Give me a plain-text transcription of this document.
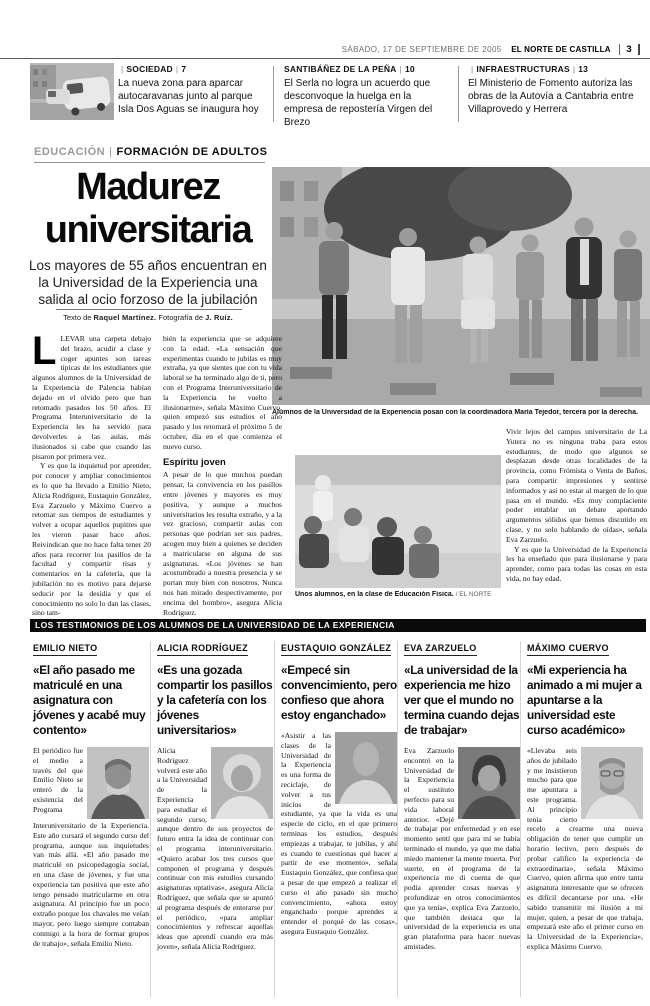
SÁBADO, 17 DE SEPTIEMBRE DE 2005 EL NORTE DE CASTILLA 3
| SOCIEDAD | 7
La nueva zona para aparcar autocaravanas junto al parque Isla Dos Aguas se inaugura hoy
SANTIBÁÑEZ DE LA PEÑA | 10
El Serla no logra un acuerdo que desconvoque la huelga en la empresa de repostería Virgen del Brezo
| INFRAESTRUCTURAS | 13
El Ministerio de Fomento autoriza las obras de la Autovía a Cantabria entre Villaprovedo y Herrera
EDUCACIÓN | FORMACIÓN DE ADULTOS
Madurez universitaria
Los mayores de 55 años encuentran en la Universidad de la Experiencia una salida al ocio forzoso de la jubilación
Texto de Raquel Martínez. Fotografía de J. Ruiz.
Alumnos de la Universidad de la Experiencia posan con la coordinadora María Tejedor, tercera por la derecha.

LLEVAR una carpeta debajo del brazo, acudir a clase y coger apuntes son tareas típicas de los estudiantes que algunos alumnos de la Universidad de la Experiencia de Palencia habían dejado en el olvido pero que han retomado pasados los 50 años. El Programa Interuniversitario de la Experiencia les ha servido para devolverles a las aulas, más ilusionados si cabe que cuando las pisaron por primera vez.

Y es que la inquietud por aprender, por conocer y ampliar conocimientos es lo que ha llevado a Emilio Nieto, Alicia Rodríguez, Eustaquio González, Eva Zarzuelo y Máximo Cuervo a retomar sus tiempos de estudiantes y volver a ocupar aquellos pupitres que les vieron pasar hace años. Reivindican que no hace falta tener 20 años para recorrer los pasillos de la facultad y compartir risas y comentarios en la cafetería, que la jubilación no es motivo para dejarse seducir por la desidia y que el conocimiento no solo lo dan las clases, sino tam-

bién la experiencia que se adquiere con la edad. «La sensación que experimentas cuando te jubilas es muy extraña, ya que sientes que con tu vida laboral se ha terminado algo de ti, pero con el Programa Interuniversitario de la Experiencia he vuelto a ilusionarme», señala Máximo Cuervo, quien empezó sus estudios el año pasado y los retomará el próximo 5 de octubre, día en el que comienza el nuevo curso.

Espíritu joven

A pesar de lo que muchos puedan pensar, la convivencia en los pasillos entre jóvenes y mayores es muy positiva, y aunque a muchos universitarios les resulta extraño, y a la vez gracioso, compartir aulas con personas que podrían ser sus padres, acogen muy bien a quienes se deciden a matricularse en alguna de sus asignaturas. «Los jóvenes se han acostumbrado a nuestra presencia y se portan muy bien con nosotros. Nunca nos han mirado despectivamente, por encima del hombro», asegura Alicia Rodríguez.

Vivir lejos del campus universitario de La Yutera no es ninguna traba para estos estudiantes, de modo que algunos se desplazan desde otras localidades de la provincia, como Frómista o Venta de Baños, para compartir impresiones y sentirse informados y así no estar al margen de lo que pasa en el mundo. «Es muy complaciente poder entablar un debate aportando argumentos sólidos que hemos discutido en clase, y no solo hablando de oídas», señala Eva Zarzuelo.

Y es que la Universidad de la Experiencia les ha enseñado que para ilusionarse y para aprender, como para todas las cosas en esta vida, no hay edad.

Unos alumnos, en la clase de Educación Física. / EL NORTE
LOS TESTIMONIOS DE LOS ALUMNOS DE LA UNIVERSIDAD DE LA EXPERIENCIA
EMILIO NIETO
«El año pasado me matriculé en una asignatura con jóvenes y acabé muy contento»
El periódico fue el medio a través del que Emilio Nieto se enteró de la existencia del Programa Interuniversitario de la Experiencia. Este año cursará el segundo curso del programa, aunque sus inquietudes van más allá. «El año pasado me matriculé en psicopedagogía social, en una clase de jóvenes, y fue una experiencia tan positiva que este año tengo pensado matricularme en otra asignatura. Al principio fue un poco extraño porque los chavales me veían mayor, pero luego siempre contaban conmigo a la hora de formar grupos de trabajo», señala Emilio Nieto.
ALICIA RODRÍGUEZ
«Es una gozada compartir los pasillos y la cafetería con los jóvenes universitarios»
Alicia Rodríguez volverá este año a la Universidad de la Experiencia para estudiar el segundo curso, aunque dentro de sus proyectos de futuro entra la idea de continuar con el programa interuniversitario. «Quiero acabar los tres cursos que componen el programa y después continuar con mis estudios cursando asignaturas optativas», asegura Alicia Rodríguez, que señala que se apuntó al programa después de enterarse por el periódico, «para ampliar conocimientos y refrescar aquellas ideas que aprendí cuando era más joven», señala Alicia Rodríguez.
EUSTAQUIO GONZÁLEZ
«Empecé sin convencimiento, pero confieso que ahora estoy enganchado»
«Asistir a las clases de la Universidad de la Experiencia es una forma de reciclaje, de volver a tus inicios de estudiante, ya que la vida es una especie de ciclo, en el que primero terminas los estudios, después empiezas a trabajar, te jubilas, y ahí es cuando te cuestionas qué hacer a partir de ese momento», señala Eustaquio González, que confiesa que a pesar de que empezó a realizar el curso el año pasado sin mucho convencimiento, «ahora estoy enganchado porque aprendes a entender el porqué de las cosas», asegura Eustaquio González.
EVA ZARZUELO
«La universidad de la experiencia me hizo ver que el mundo no termina cuando dejas de trabajar»
Eva Zarzuelo encontró en la Universidad de la Experiencia el sustituto perfecto para su vida laboral anterior. «Dejé de trabajar por enfermedad y en ese momento sentí que para mí se había terminado el mundo, ya que me daba miedo mantener la mente muerta. Por suerte, en el programa de la experiencia me di cuenta de que podía aprender cosas nuevas y profundizar en otros conocimientos que ya tenía», explica Eva Zarzuelo, que también destaca que la universidad de la experiencia es una gran plataforma para hacer nuevas amistades.
MÁXIMO CUERVO
«Mi experiencia ha animado a mi mujer a apuntarse a la universidad este curso académico»
«Llevaba seis años de jubilado y me insistieron mucho para que me apuntara a este programa. Al principio tenía cierto recelo a crearme una nueva obligación de tener que cumplir un horario lectivo, pero después de probar califico la experiencia de extraordinaria», señala Máximo Cuervo, quien afirma que entre tanta asignatura interesante que se ofrecen es difícil decantarse por una. «He sabido transmitir mi ilusión a mi mujer, quien, a pesar de que trabaja, empezará este año el primer curso en la Universidad de la Experiencia», explica Máximo Cuervo.
